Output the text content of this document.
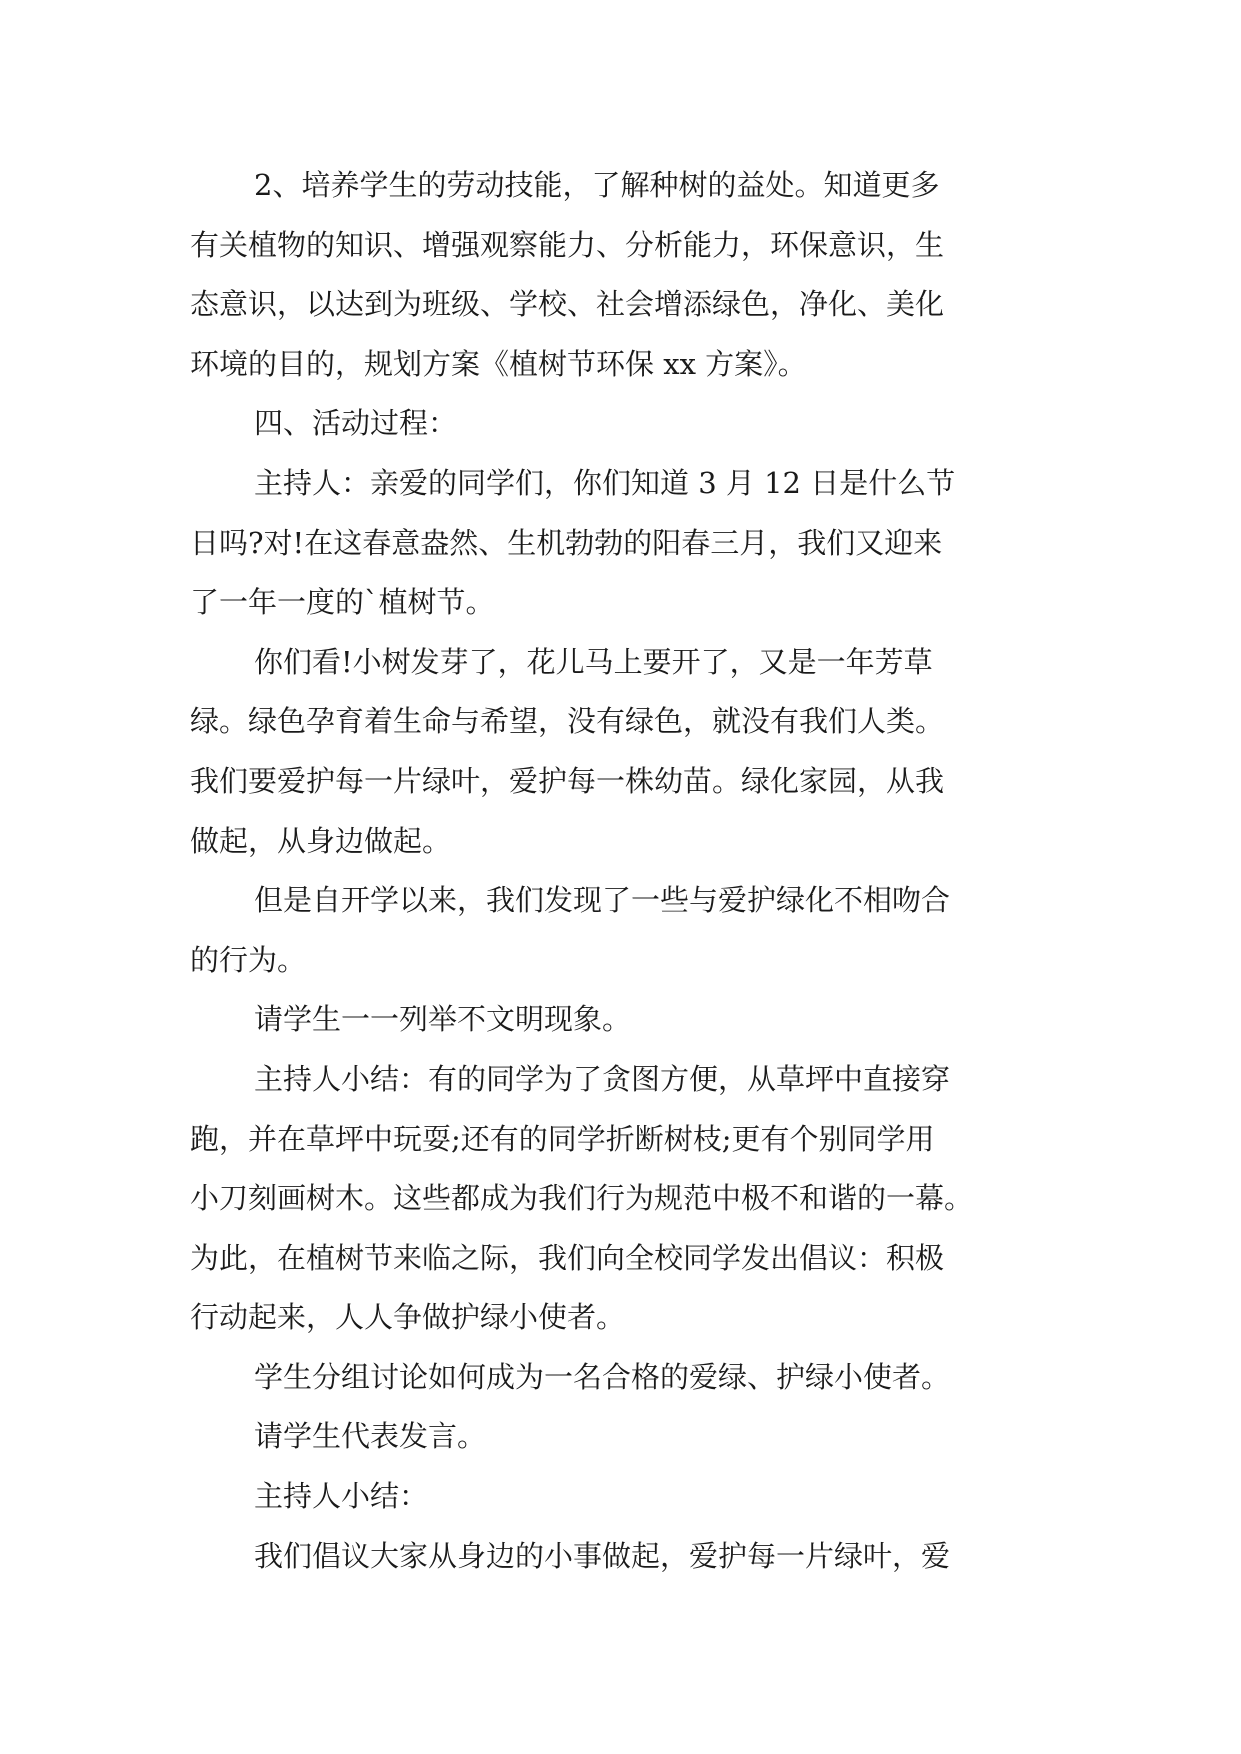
2、培养学生的劳动技能，了解种树的益处。知道更多
有关植物的知识、增强观察能力、分析能力，环保意识，生
态意识，以达到为班级、学校、社会增添绿色，净化、美化
环境的目的，规划方案《植树节环保 xx 方案》。
四、活动过程：
主持人：亲爱的同学们，你们知道 3 月 12 日是什么节
日吗?对!在这春意盎然、生机勃勃的阳春三月，我们又迎来
了一年一度的`植树节。
你们看!小树发芽了，花儿马上要开了，又是一年芳草
绿。绿色孕育着生命与希望，没有绿色，就没有我们人类。
我们要爱护每一片绿叶，爱护每一株幼苗。绿化家园，从我
做起，从身边做起。
但是自开学以来，我们发现了一些与爱护绿化不相吻合
的行为。
请学生一一列举不文明现象。
主持人小结：有的同学为了贪图方便，从草坪中直接穿
跑，并在草坪中玩耍;还有的同学折断树枝;更有个别同学用
小刀刻画树木。这些都成为我们行为规范中极不和谐的一幕。
为此，在植树节来临之际，我们向全校同学发出倡议：积极
行动起来，人人争做护绿小使者。
学生分组讨论如何成为一名合格的爱绿、护绿小使者。
请学生代表发言。
主持人小结：
我们倡议大家从身边的小事做起，爱护每一片绿叶，爱
